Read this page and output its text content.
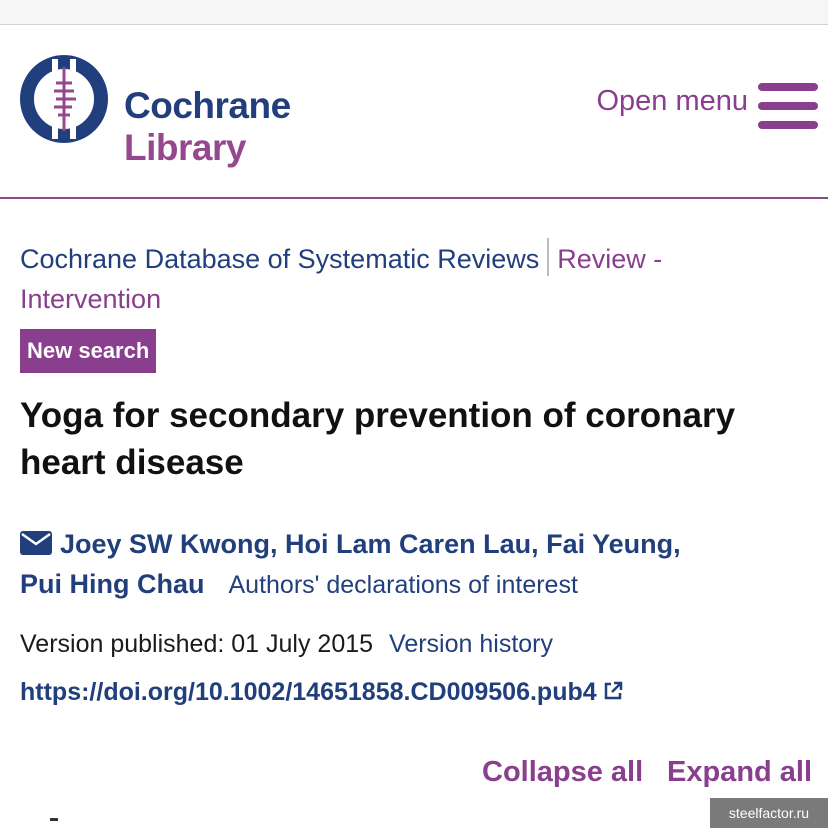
Cochrane
Library
Open menu
Cochrane Database of Systematic Reviews Review - Intervention
New search
Yoga for secondary prevention of coronary heart disease
Joey SW Kwong, Hoi Lam Caren Lau, Fai Yeung,
Pui Hing Chau Authors' declarations of interest
Version published: 01 July 2015 Version history
https://doi.org/10.1002/14651858.CD009506.pub4
Collapse all Expand all
steelfactor.ru
